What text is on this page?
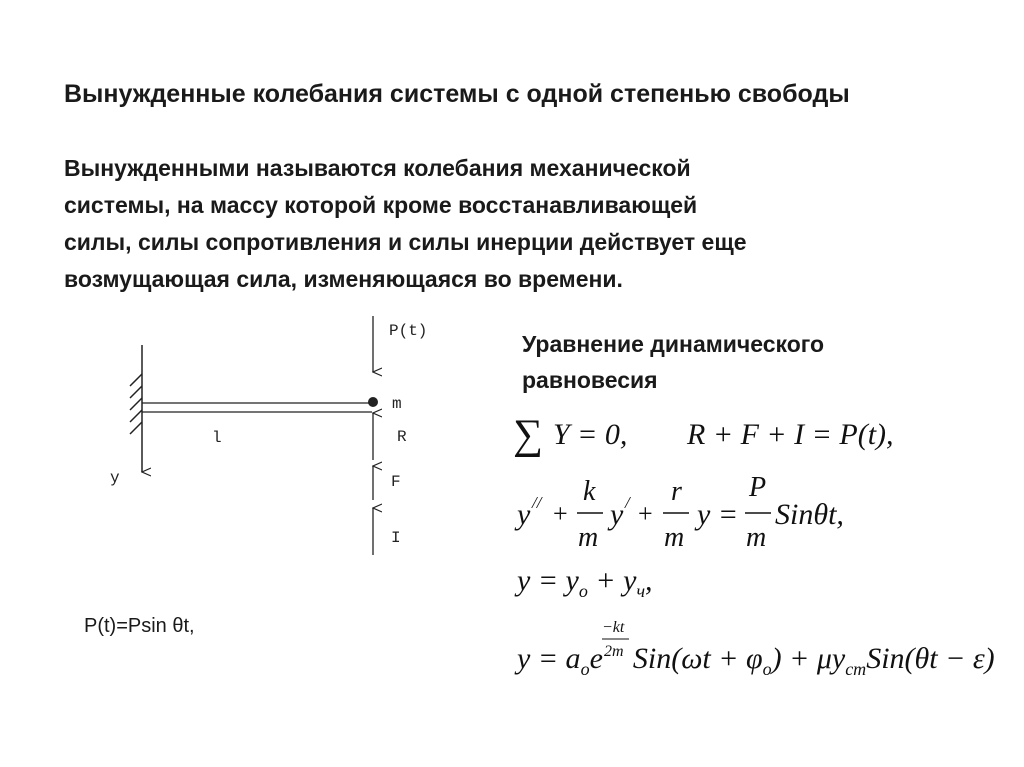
Вынужденные колебания системы с одной степенью свободы
Вынужденными называются колебания механической
системы, на массу которой кроме восстанавливающей
силы, силы сопротивления и силы инерции действует еще
возмущающая сила, изменяющаяся во времени.
Уравнение динамического
равновесия
P(t)
m
l
y
R
F
I
P(t)=Psin θt,
∑ Y = 0, R + F + I = P(t),
y // +
k
m
y / +
r
m
y =
P
m
Sinθt,
$y = y_o + y_ч$,
−kt
2m
$y = a_oe$ $Sin(\omega t + \varphi_o) + \mu y_{ст}Sin(\theta t - \varepsilon)$
